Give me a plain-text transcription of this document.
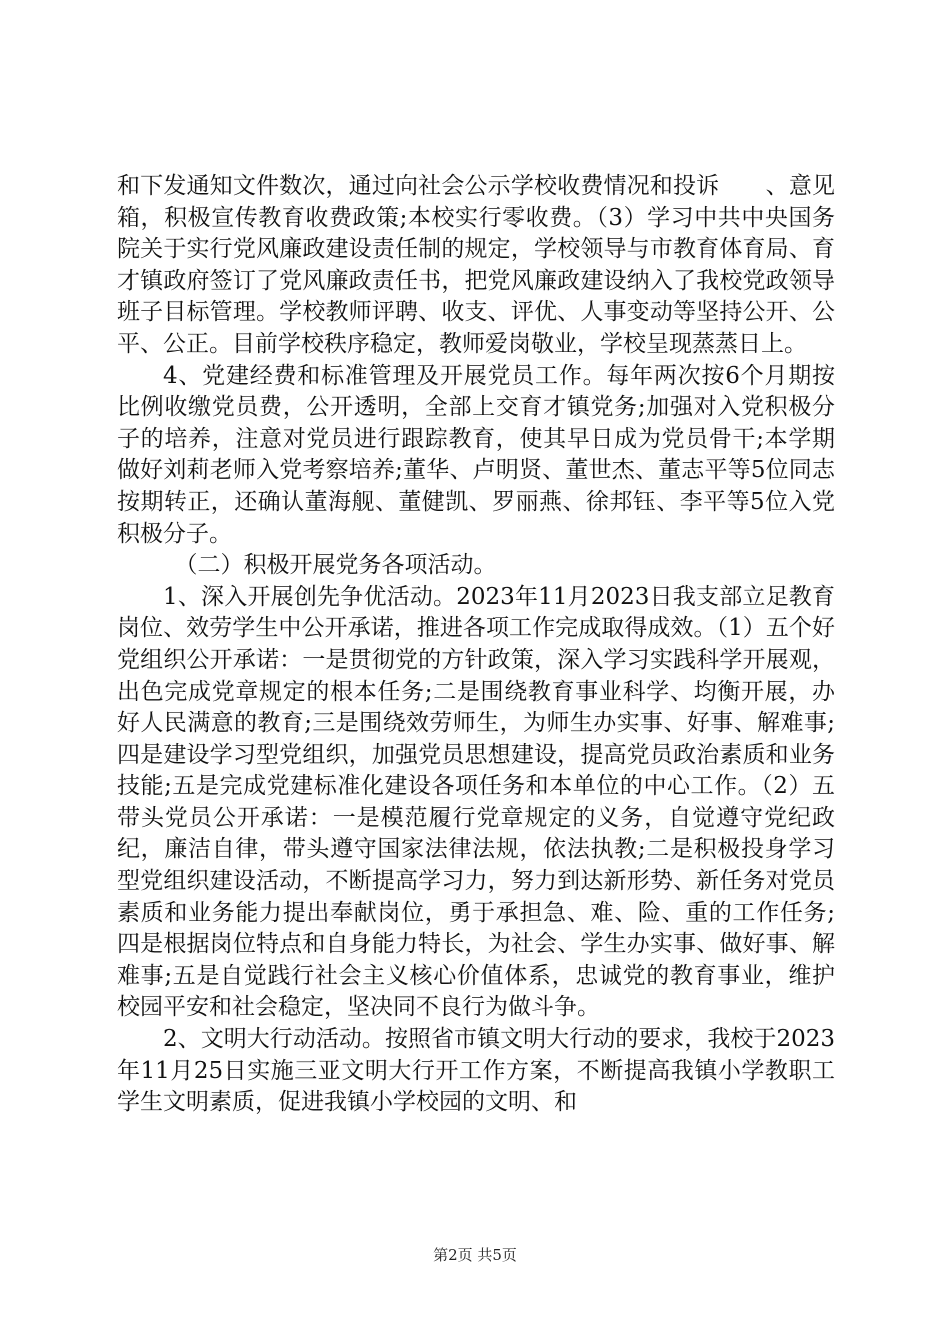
和下发通知文件数次，通过向社会公示学校收费情况和投诉　　、意见箱，积极宣传教育收费政策;本校实行零收费。（3）学习中共中央国务院关于实行党风廉政建设责任制的规定，学校领导与市教育体育局、育才镇政府签订了党风廉政责任书，把党风廉政建设纳入了我校党政领导班子目标管理。学校教师评聘、收支、评优、人事变动等坚持公开、公平、公正。目前学校秩序稳定，教师爱岗敬业，学校呈现蒸蒸日上。

4、党建经费和标准管理及开展党员工作。每年两次按6个月期按比例收缴党员费，公开透明，全部上交育才镇党务;加强对入党积极分子的培养，注意对党员进行跟踪教育，使其早日成为党员骨干;本学期做好刘莉老师入党考察培养;董华、卢明贤、董世杰、董志平等5位同志按期转正，还确认董海舰、董健凯、罗丽燕、徐邦钰、李平等5位入党积极分子。

（二）积极开展党务各项活动。

1、深入开展创先争优活动。2023年11月2023日我支部立足教育岗位、效劳学生中公开承诺，推进各项工作完成取得成效。（1）五个好党组织公开承诺：一是贯彻党的方针政策，深入学习实践科学开展观，出色完成党章规定的根本任务;二是围绕教育事业科学、均衡开展，办好人民满意的教育;三是围绕效劳师生，为师生办实事、好事、解难事;四是建设学习型党组织，加强党员思想建设，提高党员政治素质和业务技能;五是完成党建标准化建设各项任务和本单位的中心工作。（2）五带头党员公开承诺：一是模范履行党章规定的义务，自觉遵守党纪政纪，廉洁自律，带头遵守国家法律法规，依法执教;二是积极投身学习型党组织建设活动，不断提高学习力，努力到达新形势、新任务对党员素质和业务能力提出奉献岗位，勇于承担急、难、险、重的工作任务;四是根据岗位特点和自身能力特长，为社会、学生办实事、做好事、解难事;五是自觉践行社会主义核心价值体系，忠诚党的教育事业，维护校园平安和社会稳定，坚决同不良行为做斗争。

2、文明大行动活动。按照省市镇文明大行动的要求，我校于2023年11月25日实施三亚文明大行开工作方案，不断提高我镇小学教职工学生文明素质，促进我镇小学校园的文明、和

第2页 共5页
